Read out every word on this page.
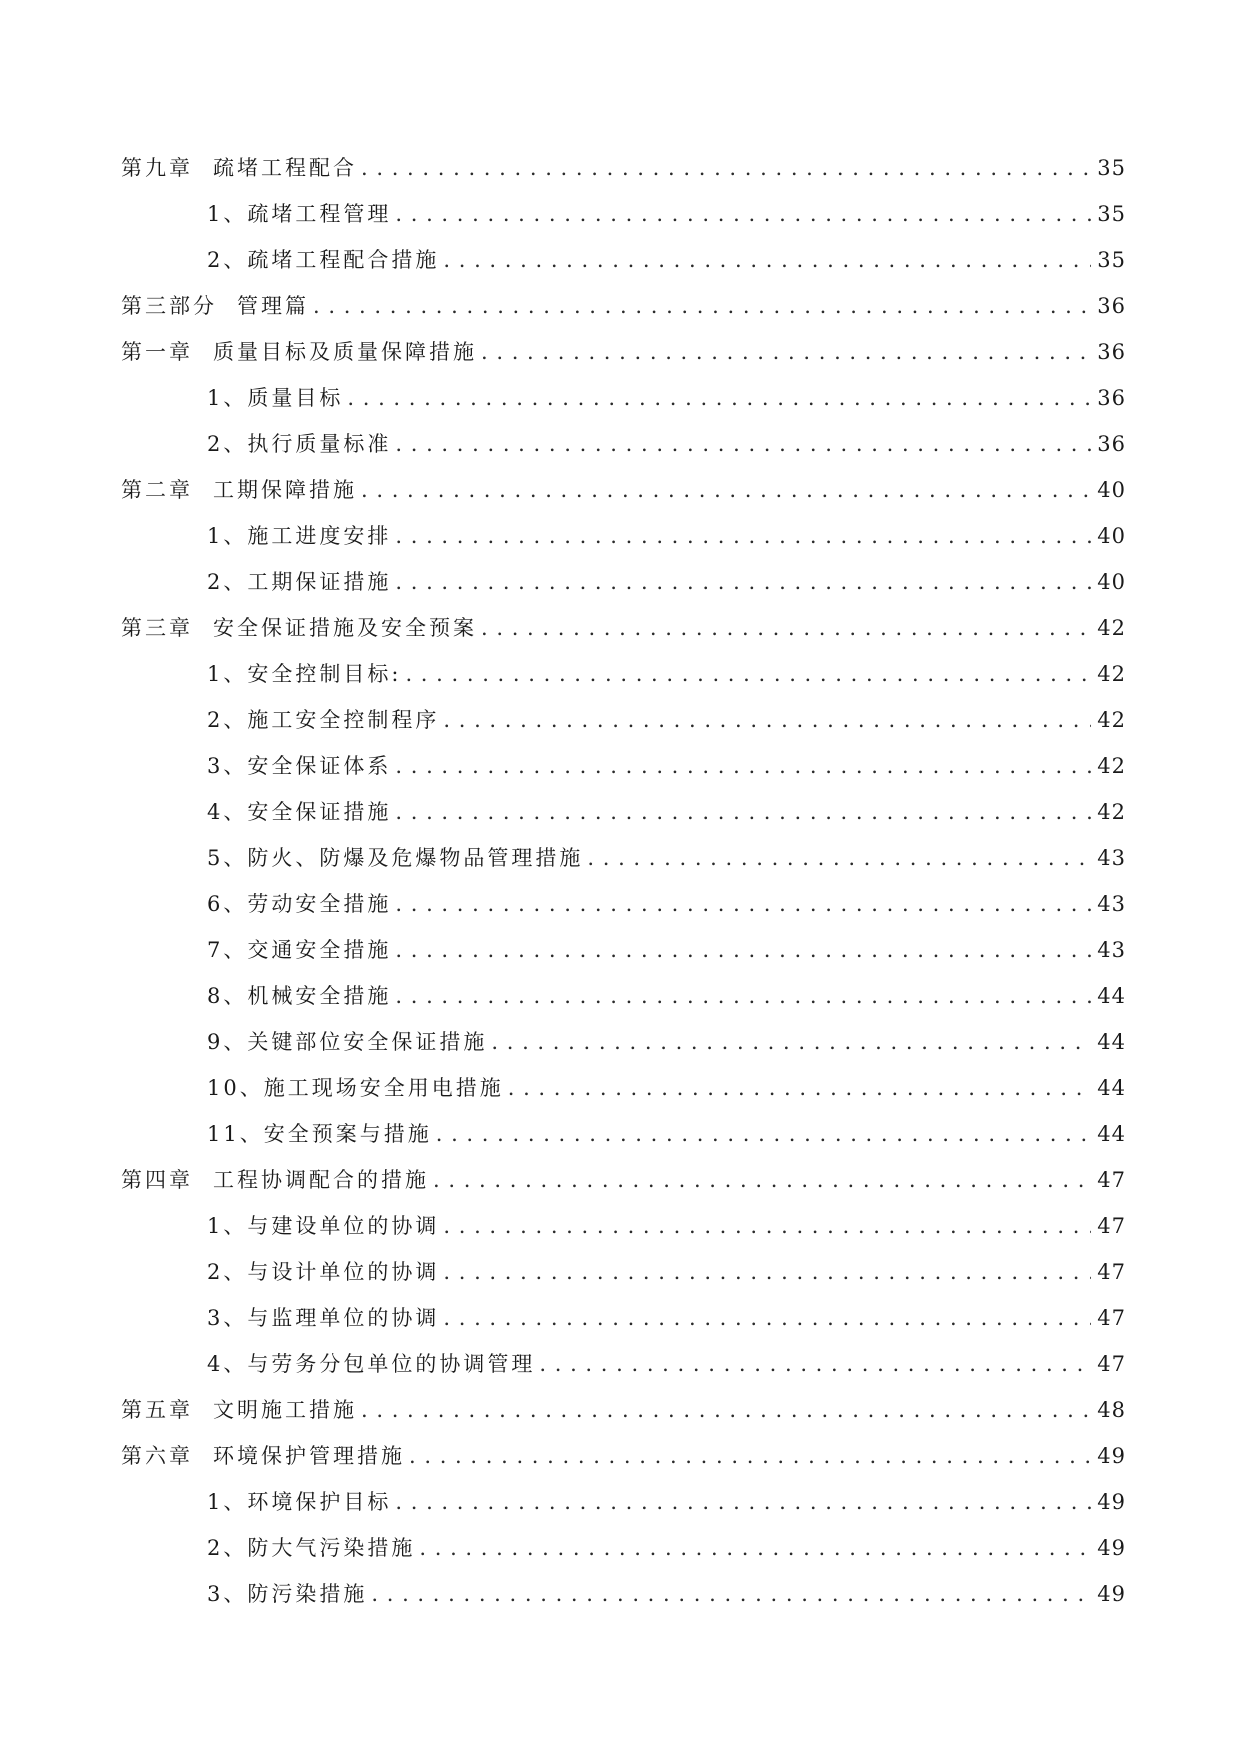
第九章 疏堵工程配合 . . .	35
1、疏堵工程管理 . . .	35
2、疏堵工程配合措施 . . .	35
第三部分 管理篇 . . .	36
第一章 质量目标及质量保障措施 . . .	36
1、质量目标 . . .	36
2、执行质量标准 . . .	36
第二章 工期保障措施 . . .	40
1、施工进度安排 . . .	40
2、工期保证措施 . . .	40
第三章 安全保证措施及安全预案 . . .	42
1、安全控制目标: . . .	42
2、施工安全控制程序 . . .	42
3、安全保证体系 . . .	42
4、安全保证措施 . . .	42
5、防火、防爆及危爆物品管理措施 . . .	43
6、劳动安全措施 . . .	43
7、交通安全措施 . . .	43
8、机械安全措施 . . .	44
9、关键部位安全保证措施 . . .	44
10、施工现场安全用电措施 . . .	44
11、安全预案与措施 . . .	44
第四章 工程协调配合的措施 . . .	47
1、与建设单位的协调 . . .	47
2、与设计单位的协调 . . .	47
3、与监理单位的协调 . . .	47
4、与劳务分包单位的协调管理 . . .	47
第五章 文明施工措施 . . .	48
第六章 环境保护管理措施 . . .	49
1、环境保护目标 . . .	49
2、防大气污染措施 . . .	49
3、防污染措施 . . .	49
